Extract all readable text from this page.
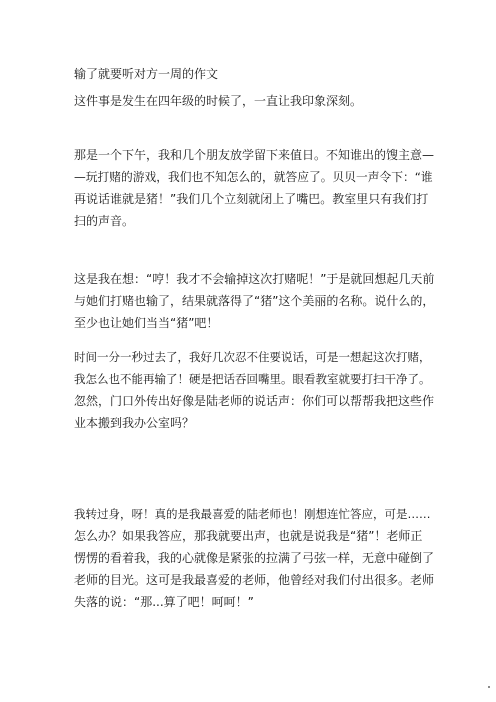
输了就要听对方一周的作文
这件事是发生在四年级的时候了，一直让我印象深刻。
那是一个下午，我和几个朋友放学留下来值日。不知谁出的馊主意—
—玩打赌的游戏，我们也不知怎么的，就答应了。贝贝一声令下：“谁
再说话谁就是猪！”我们几个立刻就闭上了嘴巴。教室里只有我们打
扫的声音。
这是我在想：“哼！我才不会输掉这次打赌呢！”于是就回想起几天前
与她们打赌也输了，结果就落得了“猪”这个美丽的名称。说什么的，
至少也让她们当当“猪”吧！
时间一分一秒过去了，我好几次忍不住要说话，可是一想起这次打赌，
我怎么也不能再输了！硬是把话吞回嘴里。眼看教室就要打扫干净了。
忽然，门口外传出好像是陆老师的说话声：你们可以帮帮我把这些作
业本搬到我办公室吗？
我转过身，呀！真的是我最喜爱的陆老师也！刚想连忙答应，可是……
怎么办？如果我答应，那我就要出声，也就是说我是“猪”！老师正
愣愣的看着我，我的心就像是紧张的拉满了弓弦一样，无意中碰倒了
老师的目光。这可是我最喜爱的老师，他曾经对我们付出很多。老师
失落的说：“那...算了吧！呵呵！”
